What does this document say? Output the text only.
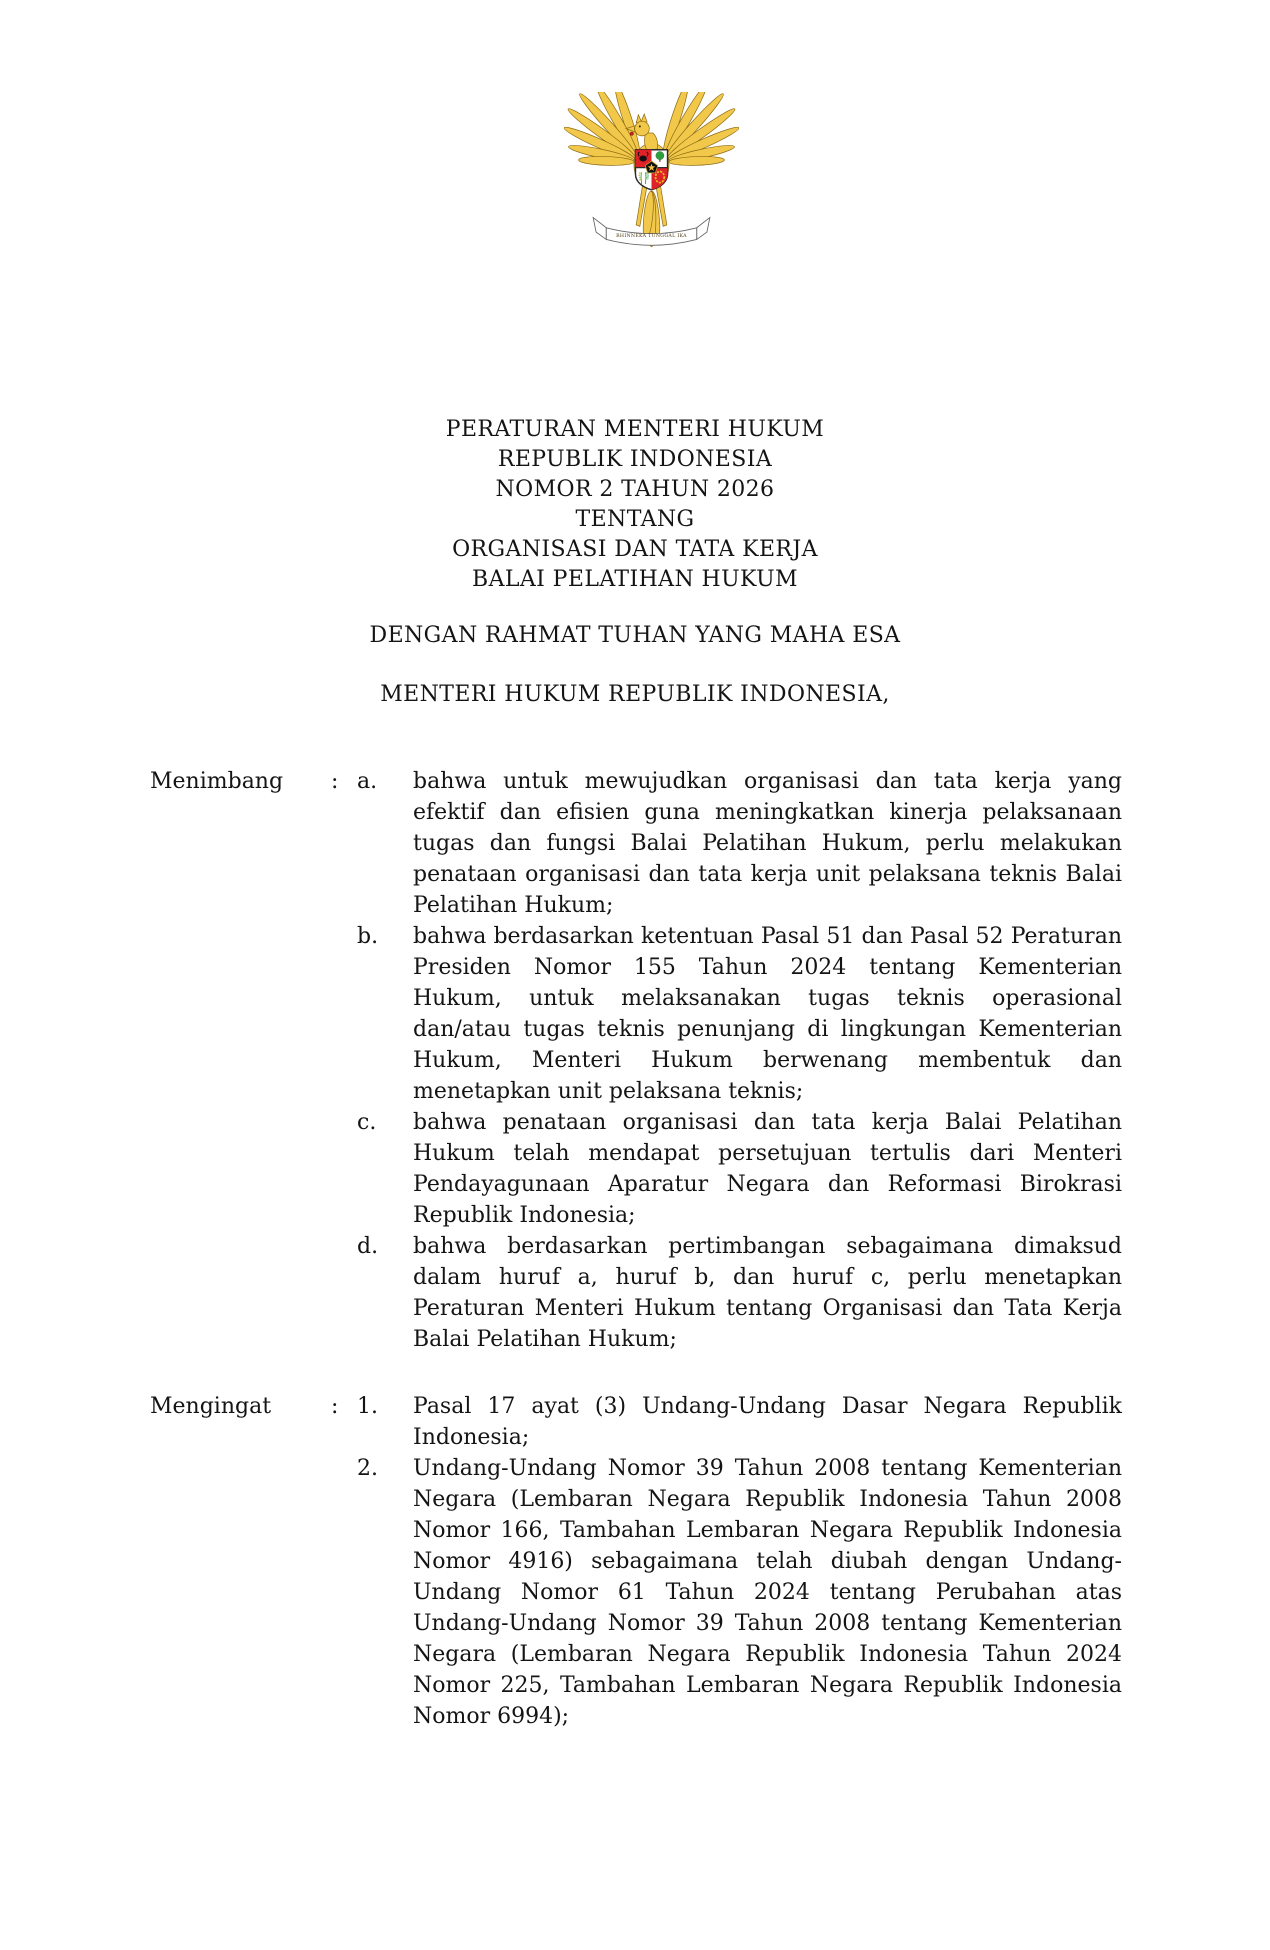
BHINNEKA TUNGGAL IKA
PERATURAN MENTERI HUKUM
REPUBLIK INDONESIA
NOMOR 2 TAHUN 2026
TENTANG
ORGANISASI DAN TATA KERJA
BALAI PELATIHAN HUKUM
DENGAN RAHMAT TUHAN YANG MAHA ESA
MENTERI HUKUM REPUBLIK INDONESIA,
Menimbang	: a.	bahwa untuk mewujudkan organisasi dan tata kerja yang efektif dan efisien guna meningkatkan kinerja pelaksanaan tugas dan fungsi Balai Pelatihan Hukum, perlu melakukan penataan organisasi dan tata kerja unit pelaksana teknis Balai Pelatihan Hukum;
b.	bahwa berdasarkan ketentuan Pasal 51 dan Pasal 52 Peraturan Presiden Nomor 155 Tahun 2024 tentang Kementerian Hukum, untuk melaksanakan tugas teknis operasional dan/atau tugas teknis penunjang di lingkungan Kementerian Hukum, Menteri Hukum berwenang membentuk dan menetapkan unit pelaksana teknis;
c.	bahwa penataan organisasi dan tata kerja Balai Pelatihan Hukum telah mendapat persetujuan tertulis dari Menteri Pendayagunaan Aparatur Negara dan Reformasi Birokrasi Republik Indonesia;
d.	bahwa berdasarkan pertimbangan sebagaimana dimaksud dalam huruf a, huruf b, dan huruf c, perlu menetapkan Peraturan Menteri Hukum tentang Organisasi dan Tata Kerja Balai Pelatihan Hukum;
Mengingat	: 1.	Pasal 17 ayat (3) Undang-Undang Dasar Negara Republik Indonesia;
2.	Undang-Undang Nomor 39 Tahun 2008 tentang Kementerian Negara (Lembaran Negara Republik Indonesia Tahun 2008 Nomor 166, Tambahan Lembaran Negara Republik Indonesia Nomor 4916) sebagaimana telah diubah dengan Undang-Undang Nomor 61 Tahun 2024 tentang Perubahan atas Undang-Undang Nomor 39 Tahun 2008 tentang Kementerian Negara (Lembaran Negara Republik Indonesia Tahun 2024 Nomor 225, Tambahan Lembaran Negara Republik Indonesia Nomor 6994);
